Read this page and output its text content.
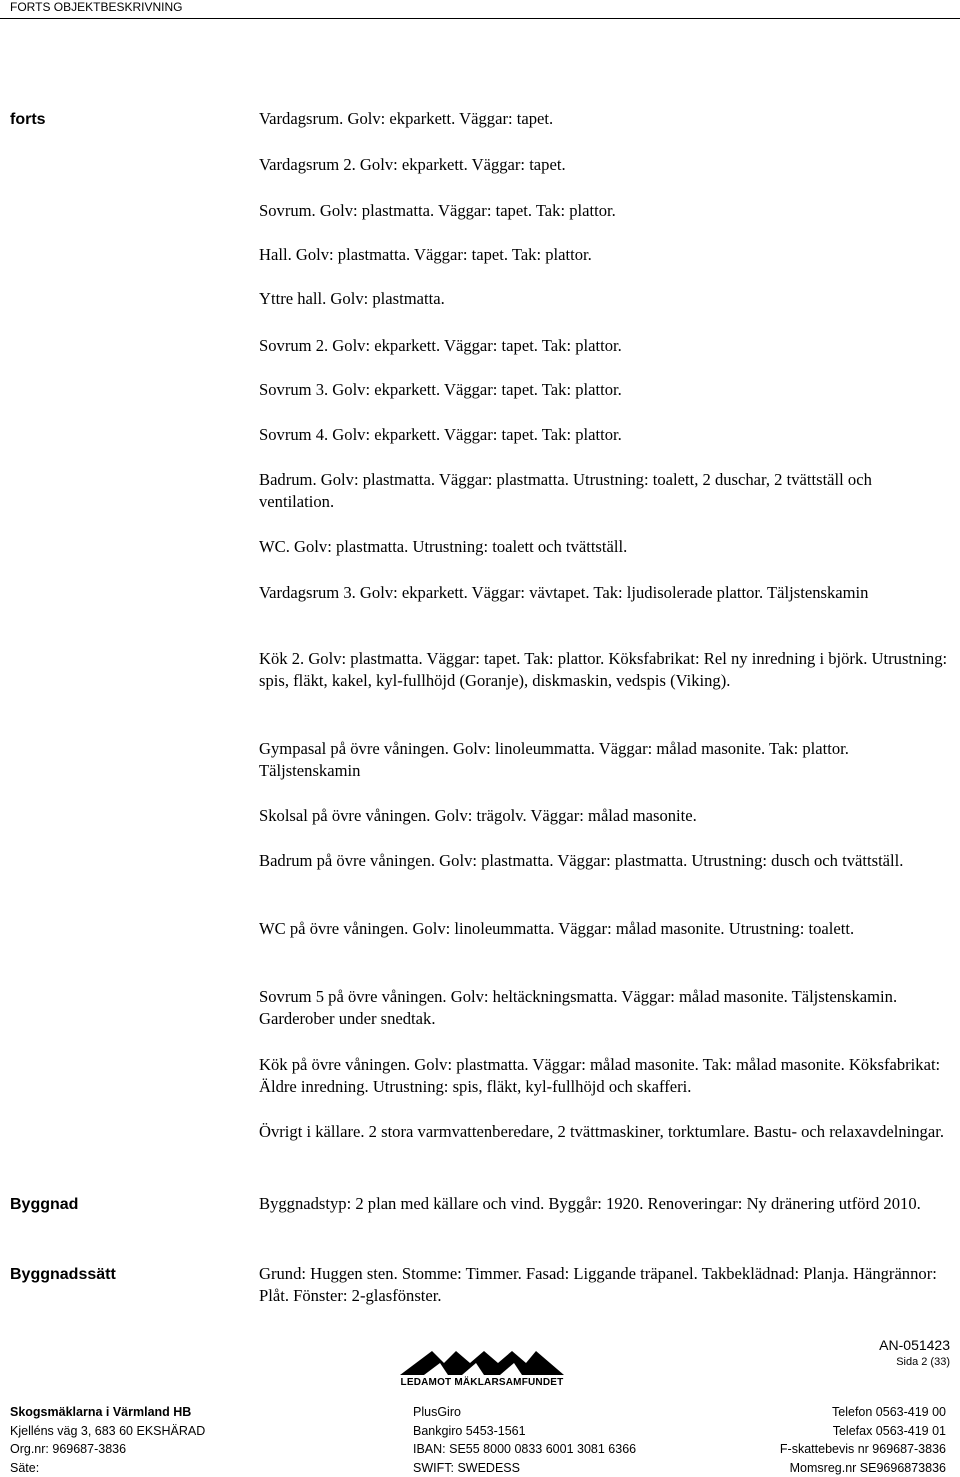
FORTS OBJEKTBESKRIVNING
forts	Vardagsrum. Golv: ekparkett. Väggar: tapet.

Vardagsrum 2. Golv: ekparkett. Väggar: tapet.

Sovrum. Golv: plastmatta. Väggar: tapet. Tak: plattor.

Hall. Golv: plastmatta. Väggar: tapet. Tak: plattor.

Yttre hall. Golv: plastmatta.

Sovrum 2. Golv: ekparkett. Väggar: tapet. Tak: plattor.

Sovrum 3. Golv: ekparkett. Väggar: tapet. Tak: plattor.

Sovrum 4. Golv: ekparkett. Väggar: tapet. Tak: plattor.

Badrum. Golv: plastmatta. Väggar: plastmatta. Utrustning: toalett, 2 duschar, 2 tvättställ och ventilation.

WC. Golv: plastmatta. Utrustning: toalett och tvättställ.

Vardagsrum 3. Golv: ekparkett. Väggar: vävtapet. Tak: ljudisolerade plattor. Täljstenskamin

Kök 2. Golv: plastmatta. Väggar: tapet. Tak: plattor. Köksfabrikat: Rel ny inredning i björk. Utrustning: spis, fläkt, kakel, kyl-fullhöjd (Goranje), diskmaskin, vedspis (Viking).

Gympasal på övre våningen. Golv: linoleummatta. Väggar: målad masonite. Tak: plattor. Täljstenskamin

Skolsal på övre våningen. Golv: trägolv. Väggar: målad masonite.

Badrum på övre våningen. Golv: plastmatta. Väggar: plastmatta. Utrustning: dusch och tvättställ.

WC på övre våningen. Golv: linoleummatta. Väggar: målad masonite. Utrustning: toalett.

Sovrum 5 på övre våningen. Golv: heltäckningsmatta. Väggar: målad masonite. Täljstenskamin. Garderober under snedtak.

Kök på övre våningen. Golv: plastmatta. Väggar: målad masonite. Tak: målad masonite. Köksfabrikat: Äldre inredning. Utrustning: spis, fläkt, kyl-fullhöjd och skafferi.

Övrigt i källare. 2 stora varmvattenberedare, 2 tvättmaskiner, torktumlare. Bastu- och relaxavdelningar.

Byggnad	Byggnadstyp: 2 plan med källare och vind. Byggår: 1920. Renoveringar: Ny dränering utförd 2010.

Byggnadssätt	Grund: Huggen sten. Stomme: Timmer. Fasad: Liggande träpanel. Takbeklädnad: Planja. Hängrännor: Plåt. Fönster: 2-glasfönster.

LEDAMOT MÄKLARSAMFUNDET
AN-051423
Sida 2 (33)
Skogsmäklarna i Värmland HB
Kjelléns väg 3, 683 60 EKSHÄRAD
Org.nr: 969687-3836
Säte:
PlusGiro
Bankgiro 5453-1561
IBAN: SE55 8000 0833 6001 3081 6366
SWIFT: SWEDESS
Telefon 0563-419 00
Telefax 0563-419 01
F-skattebevis nr 969687-3836
Momsreg.nr SE9696873836
